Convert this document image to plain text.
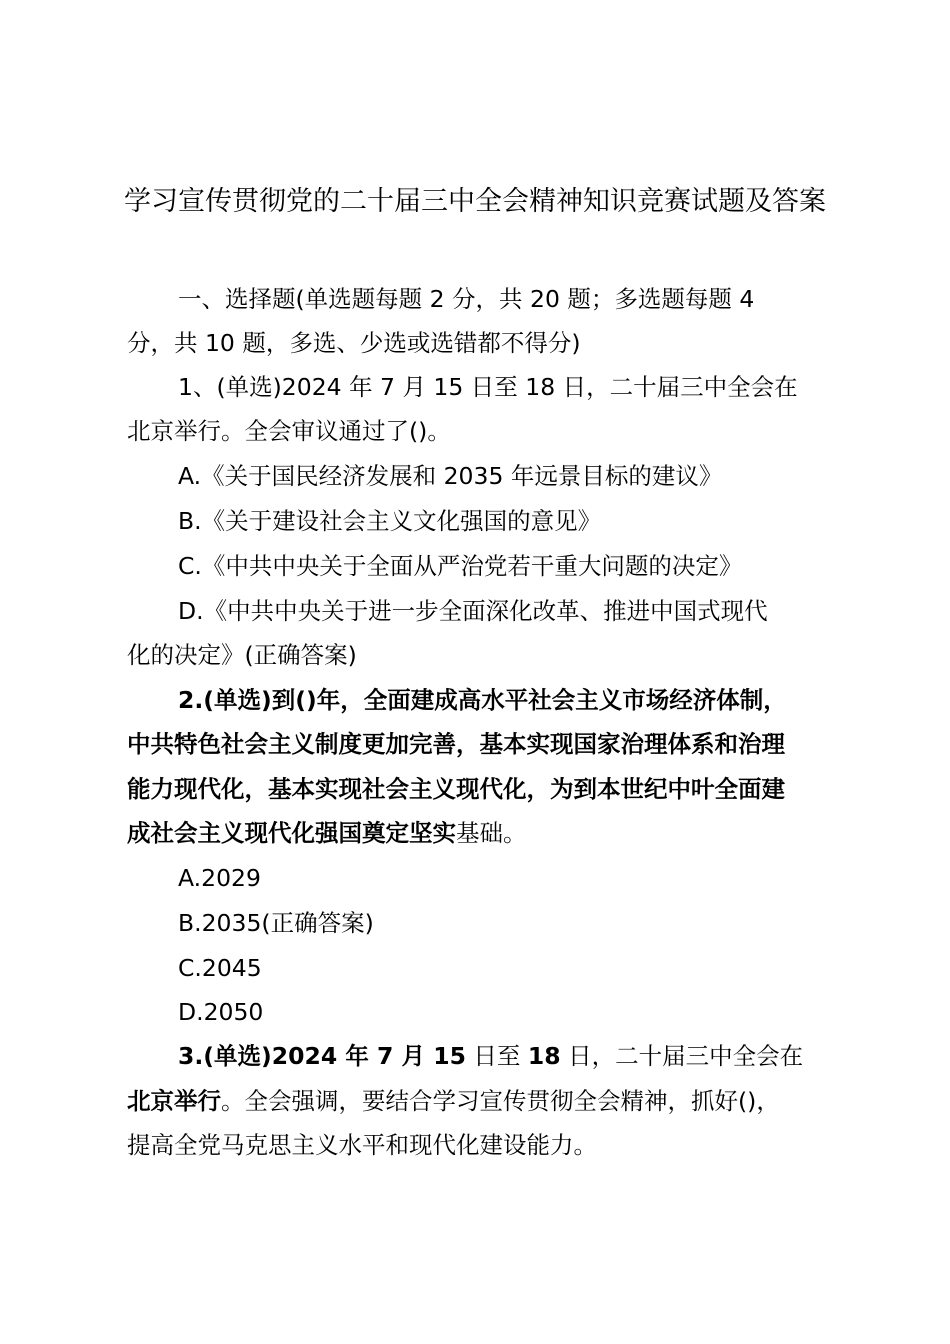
学习宣传贯彻党的二十届三中全会精神知识竞赛试题及答案
一、选择题(单选题每题 2 分，共 20 题；多选题每题 4
分，共 10 题，多选、少选或选错都不得分)
1、(单选)2024 年 7 月 15 日至 18 日，二十届三中全会在
北京举行。全会审议通过了()。
A.《关于国民经济发展和 2035 年远景目标的建议》
B.《关于建设社会主义文化强国的意见》
C.《中共中央关于全面从严治党若干重大问题的决定》
D.《中共中央关于进一步全面深化改革、推进中国式现代
化的决定》(正确答案)
2.(单选)到()年，全面建成高水平社会主义市场经济体制，
中共特色社会主义制度更加完善，基本实现国家治理体系和治理
能力现代化，基本实现社会主义现代化，为到本世纪中叶全面建
成社会主义现代化强国奠定坚实基础。
A.2029
B.2035(正确答案)
C.2045
D.2050
3.(单选)2024 年 7 月 15 日至 18 日，二十届三中全会在
北京举行。全会强调，要结合学习宣传贯彻全会精神，抓好()，
提高全党马克思主义水平和现代化建设能力。
